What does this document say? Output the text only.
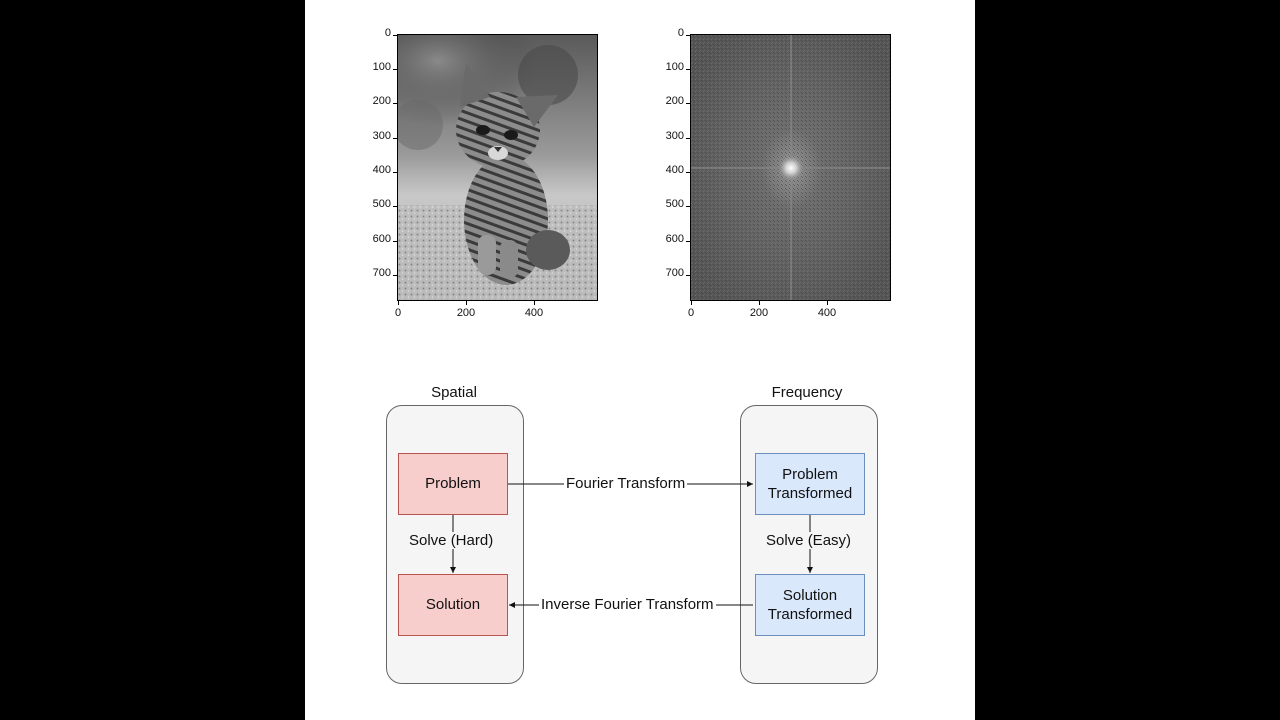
0
100
200
300
400
500
600
700
0	200	400
0
100
200
300
400
500
600
700
0	200	400
Spatial	Frequency
Problem
Solution
Problem Transformed
Solution Transformed
Fourier Transform
Inverse Fourier Transform
Solve (Hard)	Solve (Easy)
